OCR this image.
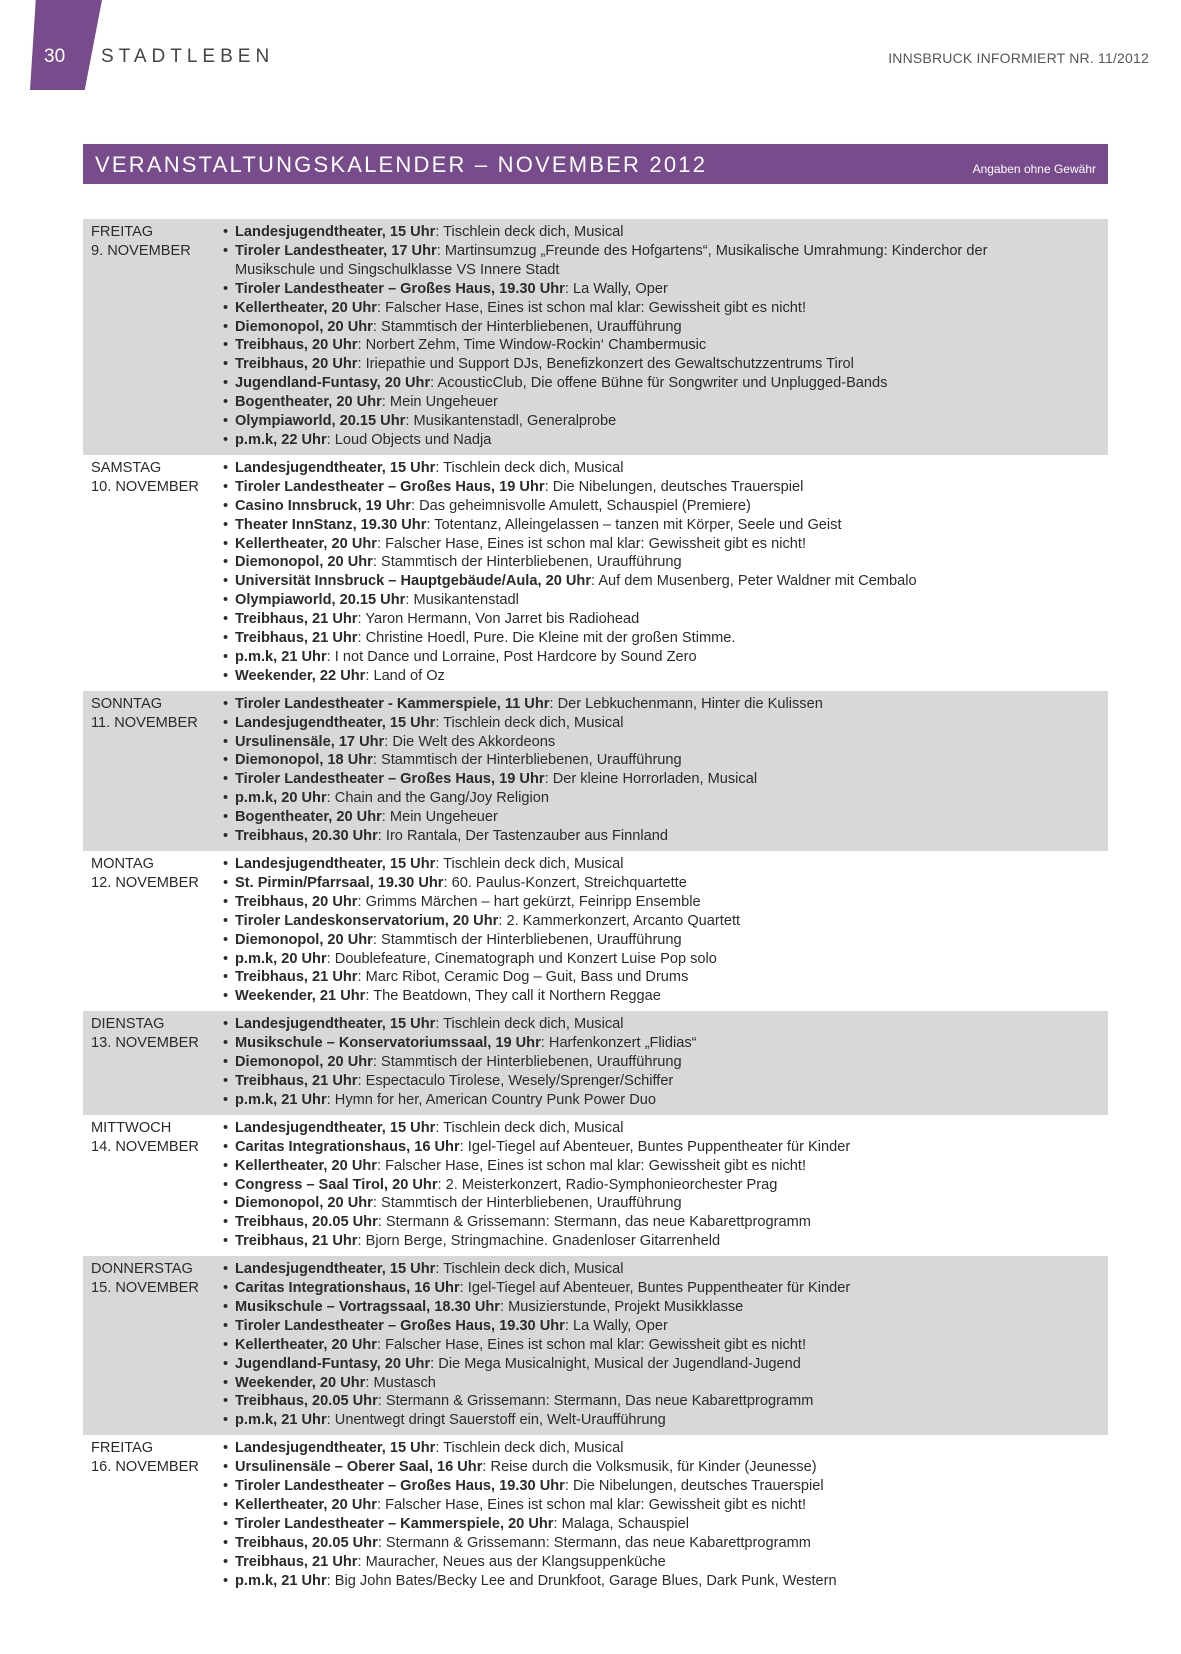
30 STADTLEBEN	INNSBRUCK INFORMIERT NR. 11/2012
VERANSTALTUNGSKALENDER – NOVEMBER 2012	Angaben ohne Gewähr
FREITAG
9. NOVEMBER
• Landesjugendtheater, 15 Uhr : Tischlein deck dich, Musical
• Tiroler Landestheater, 17 Uhr : Martinsumzug „Freunde des Hofgartens“, Musikalische Umrahmung: Kinderchor der Musikschule und Singschulklasse VS Innere Stadt
• Tiroler Landestheater – Großes Haus, 19.30 Uhr : La Wally, Oper
• Kellertheater, 20 Uhr : Falscher Hase, Eines ist schon mal klar: Gewissheit gibt es nicht!
• Diemonopol, 20 Uhr : Stammtisch der Hinterbliebenen, Uraufführung
• Treibhaus, 20 Uhr : Norbert Zehm, Time Window-Rockin‘ Chambermusic
• Treibhaus, 20 Uhr : Iriepathie und Support DJs, Benefizkonzert des Gewaltschutzzentrums Tirol
• Jugendland-Funtasy, 20 Uhr : AcousticClub, Die offene Bühne für Songwriter und Unplugged-Bands
• Bogentheater, 20 Uhr : Mein Ungeheuer
• Olympiaworld, 20.15 Uhr : Musikantenstadl, Generalprobe
• p.m.k, 22 Uhr : Loud Objects und Nadja
SAMSTAG
10. NOVEMBER
• Landesjugendtheater, 15 Uhr : Tischlein deck dich, Musical
• Tiroler Landestheater – Großes Haus, 19 Uhr : Die Nibelungen, deutsches Trauerspiel
• Casino Innsbruck, 19 Uhr : Das geheimnisvolle Amulett, Schauspiel (Premiere)
• Theater InnStanz, 19.30 Uhr : Totentanz, Alleingelassen – tanzen mit Körper, Seele und Geist
• Kellertheater, 20 Uhr : Falscher Hase, Eines ist schon mal klar: Gewissheit gibt es nicht!
• Diemonopol, 20 Uhr : Stammtisch der Hinterbliebenen, Uraufführung
• Universität Innsbruck – Hauptgebäude/Aula, 20 Uhr : Auf dem Musenberg, Peter Waldner mit Cembalo
• Olympiaworld, 20.15 Uhr : Musikantenstadl
• Treibhaus, 21 Uhr : Yaron Hermann, Von Jarret bis Radiohead
• Treibhaus, 21 Uhr : Christine Hoedl, Pure. Die Kleine mit der großen Stimme.
• p.m.k, 21 Uhr : I not Dance und Lorraine, Post Hardcore by Sound Zero
• Weekender, 22 Uhr : Land of Oz
SONNTAG
11. NOVEMBER
• Tiroler Landestheater - Kammerspiele, 11 Uhr : Der Lebkuchenmann, Hinter die Kulissen
• Landesjugendtheater, 15 Uhr : Tischlein deck dich, Musical
• Ursulinensäle, 17 Uhr : Die Welt des Akkordeons
• Diemonopol, 18 Uhr : Stammtisch der Hinterbliebenen, Uraufführung
• Tiroler Landestheater – Großes Haus, 19 Uhr : Der kleine Horrorladen, Musical
• p.m.k, 20 Uhr : Chain and the Gang/Joy Religion
• Bogentheater, 20 Uhr : Mein Ungeheuer
• Treibhaus, 20.30 Uhr : Iro Rantala, Der Tastenzauber aus Finnland
MONTAG
12. NOVEMBER
• Landesjugendtheater, 15 Uhr : Tischlein deck dich, Musical
• St. Pirmin/Pfarrsaal, 19.30 Uhr : 60. Paulus-Konzert, Streichquartette
• Treibhaus, 20 Uhr : Grimms Märchen – hart gekürzt, Feinripp Ensemble
• Tiroler Landeskonservatorium, 20 Uhr : 2. Kammerkonzert, Arcanto Quartett
• Diemonopol, 20 Uhr : Stammtisch der Hinterbliebenen, Uraufführung
• p.m.k, 20 Uhr : Doublefeature, Cinematograph und Konzert Luise Pop solo
• Treibhaus, 21 Uhr : Marc Ribot, Ceramic Dog – Guit, Bass und Drums
• Weekender, 21 Uhr : The Beatdown, They call it Northern Reggae
DIENSTAG
13. NOVEMBER
• Landesjugendtheater, 15 Uhr : Tischlein deck dich, Musical
• Musikschule – Konservatoriumssaal, 19 Uhr : Harfenkonzert „Flidias“
• Diemonopol, 20 Uhr : Stammtisch der Hinterbliebenen, Uraufführung
• Treibhaus, 21 Uhr : Espectaculo Tirolese, Wesely/Sprenger/Schiffer
• p.m.k, 21 Uhr : Hymn for her, American Country Punk Power Duo
MITTWOCH
14. NOVEMBER
• Landesjugendtheater, 15 Uhr : Tischlein deck dich, Musical
• Caritas Integrationshaus, 16 Uhr : Igel-Tiegel auf Abenteuer, Buntes Puppentheater für Kinder
• Kellertheater, 20 Uhr : Falscher Hase, Eines ist schon mal klar: Gewissheit gibt es nicht!
• Congress – Saal Tirol, 20 Uhr : 2. Meisterkonzert, Radio-Symphonieorchester Prag
• Diemonopol, 20 Uhr : Stammtisch der Hinterbliebenen, Uraufführung
• Treibhaus, 20.05 Uhr : Stermann & Grissemann: Stermann, das neue Kabarettprogramm
• Treibhaus, 21 Uhr : Bjorn Berge, Stringmachine. Gnadenloser Gitarrenheld
DONNERSTAG
15. NOVEMBER
• Landesjugendtheater, 15 Uhr : Tischlein deck dich, Musical
• Caritas Integrationshaus, 16 Uhr : Igel-Tiegel auf Abenteuer, Buntes Puppentheater für Kinder
• Musikschule – Vortragssaal, 18.30 Uhr : Musizierstunde, Projekt Musikklasse
• Tiroler Landestheater – Großes Haus, 19.30 Uhr : La Wally, Oper
• Kellertheater, 20 Uhr : Falscher Hase, Eines ist schon mal klar: Gewissheit gibt es nicht!
• Jugendland-Funtasy, 20 Uhr : Die Mega Musicalnight, Musical der Jugendland-Jugend
• Weekender, 20 Uhr : Mustasch
• Treibhaus, 20.05 Uhr : Stermann & Grissemann: Stermann, Das neue Kabarettprogramm
• p.m.k, 21 Uhr : Unentwegt dringt Sauerstoff ein, Welt-Uraufführung
FREITAG
16. NOVEMBER
• Landesjugendtheater, 15 Uhr : Tischlein deck dich, Musical
• Ursulinensäle – Oberer Saal, 16 Uhr : Reise durch die Volksmusik, für Kinder (Jeunesse)
• Tiroler Landestheater – Großes Haus, 19.30 Uhr : Die Nibelungen, deutsches Trauerspiel
• Kellertheater, 20 Uhr : Falscher Hase, Eines ist schon mal klar: Gewissheit gibt es nicht!
• Tiroler Landestheater – Kammerspiele, 20 Uhr : Malaga, Schauspiel
• Treibhaus, 20.05 Uhr : Stermann & Grissemann: Stermann, das neue Kabarettprogramm
• Treibhaus, 21 Uhr : Mauracher, Neues aus der Klangsuppenküche
• p.m.k, 21 Uhr : Big John Bates/Becky Lee and Drunkfoot, Garage Blues, Dark Punk, Western
